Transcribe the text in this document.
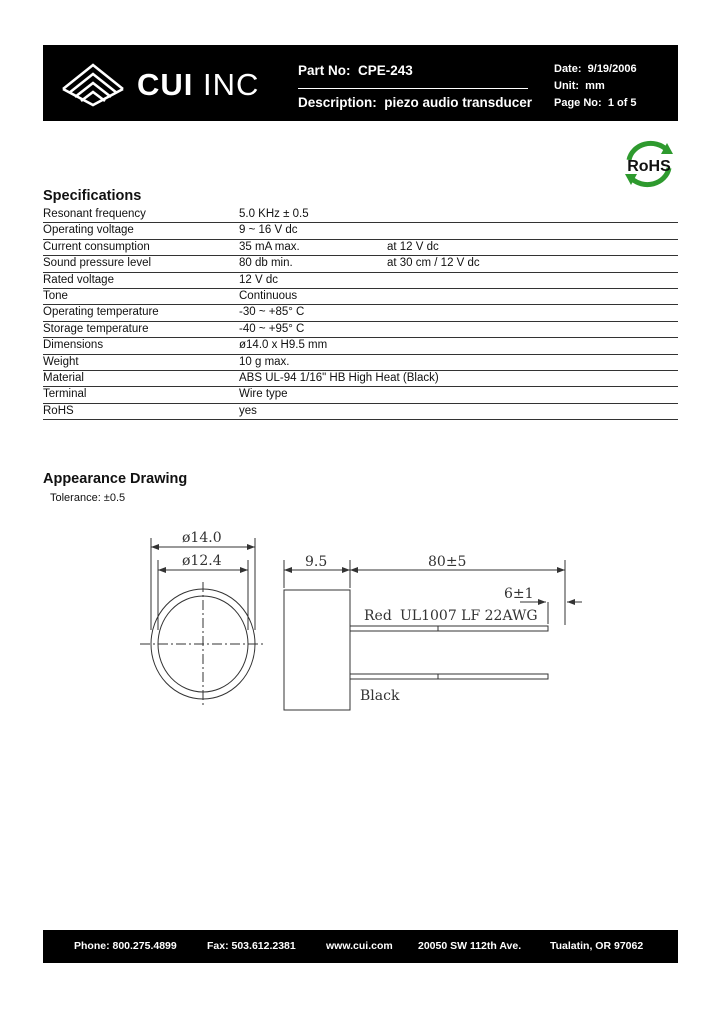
CUI INC	Part No: CPE-243
Description: piezo audio transducer
Date: 9/19/2006
Unit: mm
Page No: 1 of 5
RoHS
Specifications
Resonant frequency	5.0 KHz ± 0.5
Operating voltage	9 ~ 16 V dc
Current consumption	35 mA max.	at 12 V dc
Sound pressure level	80 db min.	at 30 cm / 12 V dc
Rated voltage	12 V dc
Tone	Continuous
Operating temperature	-30 ~ +85° C
Storage temperature	-40 ~ +95° C
Dimensions	ø14.0 x H9.5 mm
Weight	10 g max.
Material	ABS UL-94 1/16" HB High Heat (Black)
Terminal	Wire type
RoHS	yes
Appearance Drawing
Tolerance: ±0.5
ø14.0
ø12.4	9.5	80±5
6±1
Red UL1007 LF 22AWG
Black
Phone: 800.275.4899	Fax: 503.612.2381	www.cui.com 20050 SW 112th Ave.	Tualatin, OR 97062
